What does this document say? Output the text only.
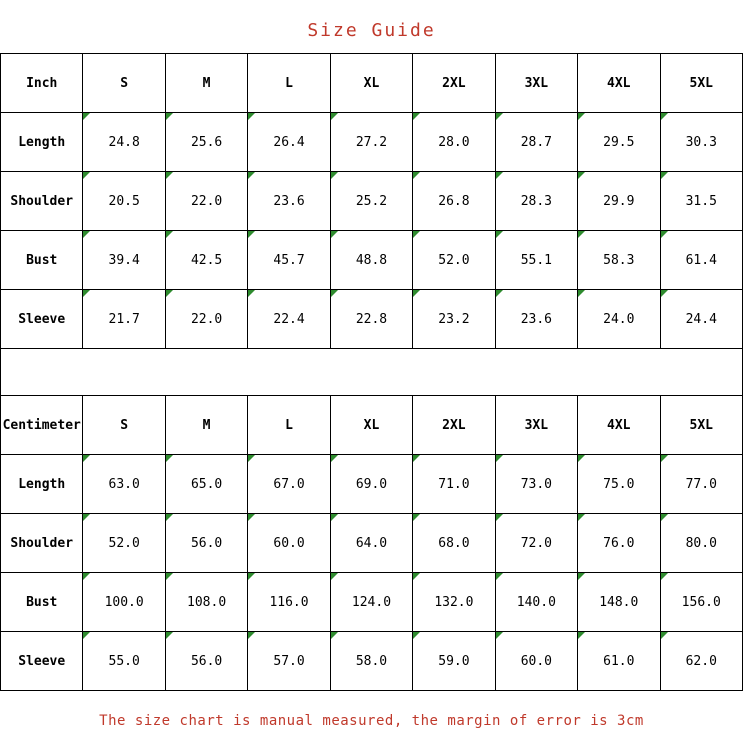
Size Guide
Inch	S	M	L	XL	2XL	3XL	4XL	5XL
Length	24.8	25.6	26.4	27.2	28.0	28.7	29.5	30.3
Shoulder	20.5	22.0	23.6	25.2	26.8	28.3	29.9	31.5
Bust	39.4	42.5	45.7	48.8	52.0	55.1	58.3	61.4
Sleeve	21.7	22.0	22.4	22.8	23.2	23.6	24.0	24.4
Centimeter	S	M	L	XL	2XL	3XL	4XL	5XL
Length	63.0	65.0	67.0	69.0	71.0	73.0	75.0	77.0
Shoulder	52.0	56.0	60.0	64.0	68.0	72.0	76.0	80.0
Bust	100.0	108.0	116.0	124.0	132.0	140.0	148.0	156.0
Sleeve	55.0	56.0	57.0	58.0	59.0	60.0	61.0	62.0
The size chart is manual measured, the margin of error is 3cm
